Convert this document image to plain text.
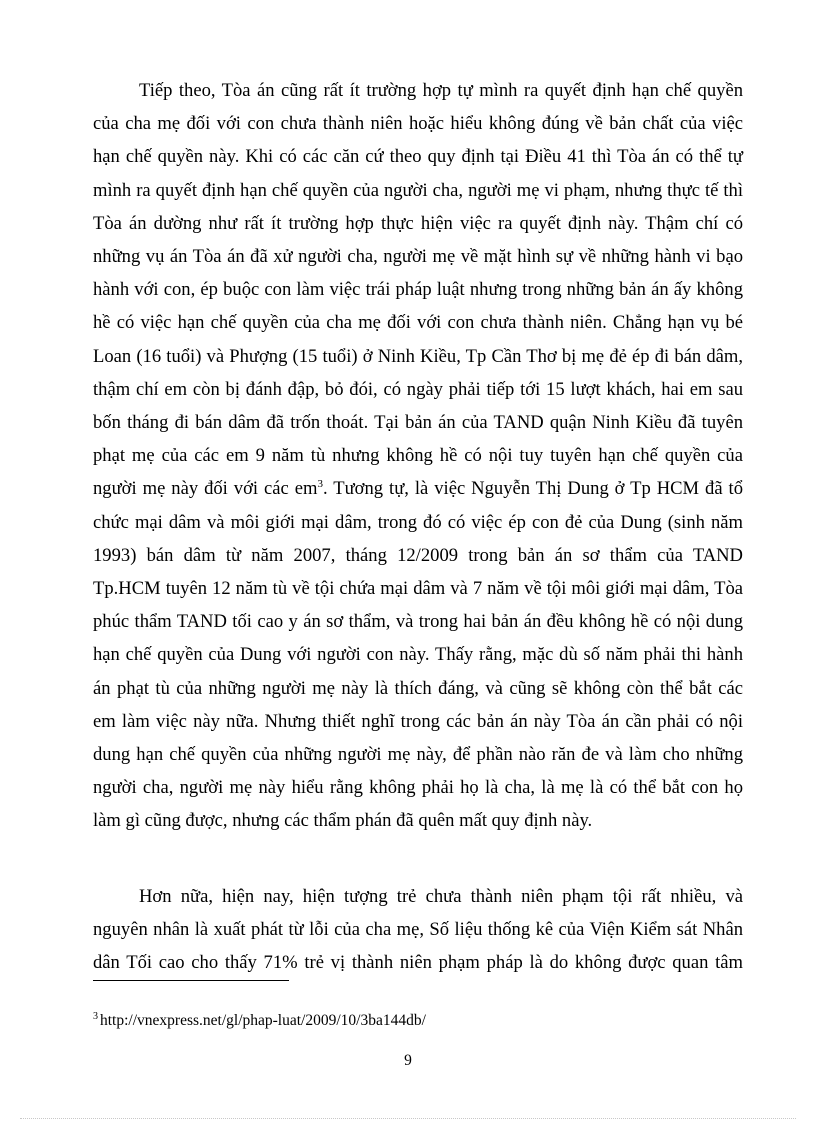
Tiếp theo, Tòa án cũng rất ít trường hợp tự mình ra quyết định hạn chế quyền
của cha mẹ đối với con chưa thành niên hoặc hiểu không đúng về bản chất của việc
hạn chế quyền này. Khi có các căn cứ theo quy định tại Điều 41 thì Tòa án có thể tự
mình ra quyết định hạn chế quyền của người cha, người mẹ vi phạm, nhưng thực tế thì
Tòa án dường như rất ít trường hợp thực hiện việc ra quyết định này. Thậm chí có
những vụ án Tòa án đã xử người cha, người mẹ về mặt hình sự về những hành vi bạo
hành với con, ép buộc con làm việc trái pháp luật nhưng trong những bản án ấy không
hề có việc hạn chế quyền của cha mẹ đối với con chưa thành niên. Chẳng hạn vụ bé
Loan (16 tuổi) và Phượng (15 tuổi) ở Ninh Kiều, Tp Cần Thơ bị mẹ đẻ ép đi bán dâm,
thậm chí em còn bị đánh đập, bỏ đói, có ngày phải tiếp tới 15 lượt khách, hai em sau
bốn tháng đi bán dâm đã trốn thoát. Tại bản án của TAND quận Ninh Kiều đã tuyên
phạt mẹ của các em 9 năm tù nhưng không hề có nội tuy tuyên hạn chế quyền của
người mẹ này đối với các $em^3$. Tương tự, là việc Nguyễn Thị Dung ở Tp HCM đã tổ
chức mại dâm và môi giới mại dâm, trong đó có việc ép con đẻ của Dung (sinh năm
1993) bán dâm từ năm 2007, tháng 12/2009 trong bản án sơ thẩm của TAND
Tp.HCM tuyên 12 năm tù về tội chứa mại dâm và 7 năm về tội môi giới mại dâm, Tòa
phúc thẩm TAND tối cao y án sơ thẩm, và trong hai bản án đều không hề có nội dung
hạn chế quyền của Dung với người con này. Thấy rằng, mặc dù số năm phải thi hành
án phạt tù của những người mẹ này là thích đáng, và cũng sẽ không còn thể bắt các
em làm việc này nữa. Nhưng thiết nghĩ trong các bản án này Tòa án cần phải có nội
dung hạn chế quyền của những người mẹ này, để phần nào răn đe và làm cho những
người cha, người mẹ này hiểu rằng không phải họ là cha, là mẹ là có thể bắt con họ
làm gì cũng được, nhưng các thẩm phán đã quên mất quy định này.
Hơn nữa, hiện nay, hiện tượng trẻ chưa thành niên phạm tội rất nhiều, và
nguyên nhân là xuất phát từ lỗi của cha mẹ, Số liệu thống kê của Viện Kiểm sát Nhân
dân Tối cao cho thấy 71% trẻ vị thành niên phạm pháp là do không được quan tâm
$^3$ http://vnexpress.net/gl/phap-luat/2009/10/3ba144db/
9
